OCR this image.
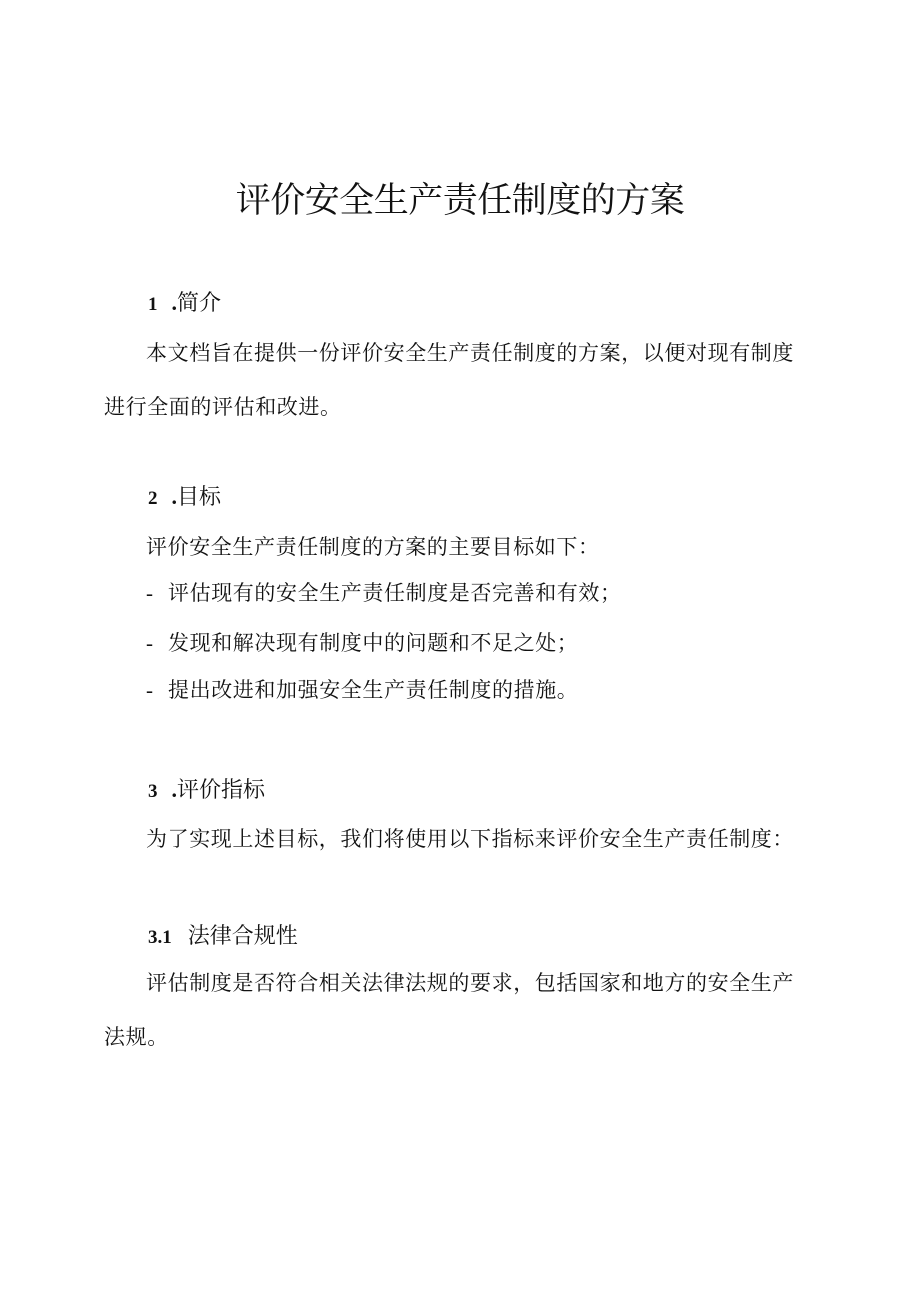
评价安全生产责任制度的方案
1 .简介

本文档旨在提供一份评价安全生产责任制度的方案，以便对现有制度进行全面的评估和改进。

2 .目标

评价安全生产责任制度的方案的主要目标如下：

- 评估现有的安全生产责任制度是否完善和有效；
- 发现和解决现有制度中的问题和不足之处；
- 提出改进和加强安全生产责任制度的措施。
3 .评价指标

为了实现上述目标，我们将使用以下指标来评价安全生产责任制度：

3.1 法律合规性

评估制度是否符合相关法律法规的要求，包括国家和地方的安全生产法规。
